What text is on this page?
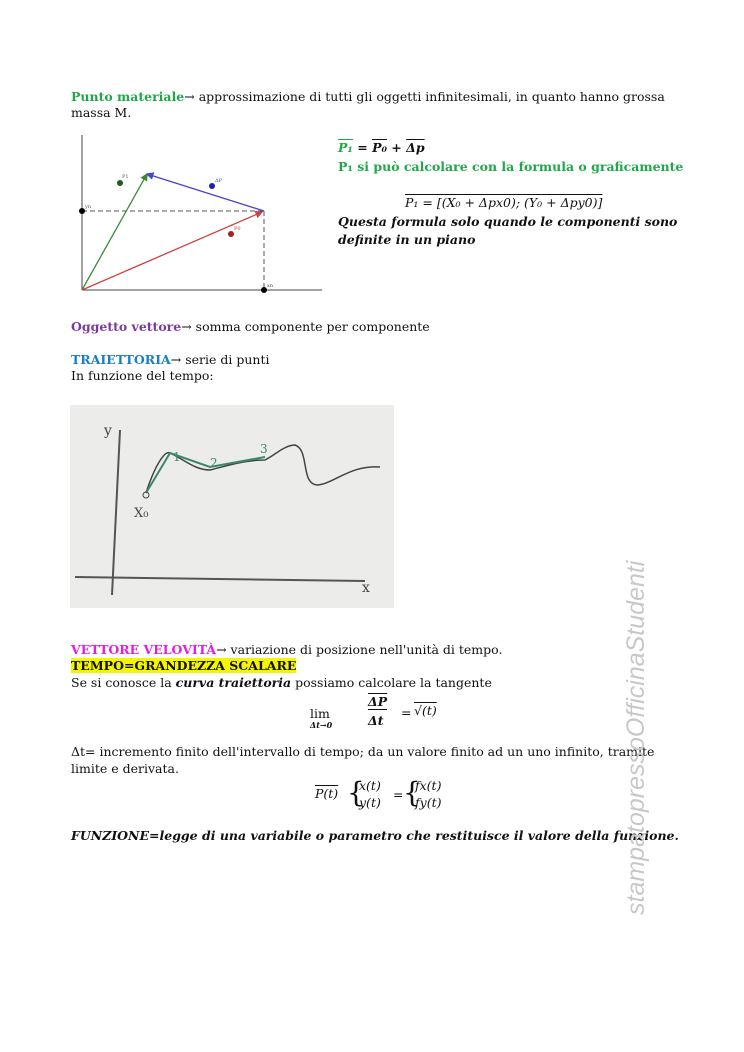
Punto materiale→ approssimazione di tutti gli oggetti infinitesimali, in quanto hanno grossa
massa M.
P1
ΔP
P0
yn
xn
$P_1 = P_0 + \overline{\Delta p}$
P₁ si può calcolare con la formula o graficamente
P₁ = [(X₀ + Δpx0); (Y₀ + Δpy0)]
Questa formula solo quando le componenti sono
definite in un piano
Oggetto vettore→ somma componente per componente
TRAIETTORIA→ serie di punti
In funzione del tempo:
y
x
X₀
1 2
3
VETTORE VELOVITÀ→ variazione di posizione nell'unità di tempo.
TEMPO=GRANDEZZA SCALARE
Se si conosce la curva traiettoria possiamo calcolare la tangente
lim
Δt→0
$\overline{\Delta P}$
Δt
= √(t)
Δt= incremento finito dell'intervallo di tempo; da un valore finito ad un uno infinito, tramite
limite e derivata.
P(t) {
x(t)
y(t)
= {
fx(t)
fy(t)
FUNZIONE=legge di una variabile o parametro che restituisce il valore della funzione.
stampatopressoOfficinaStudenti
